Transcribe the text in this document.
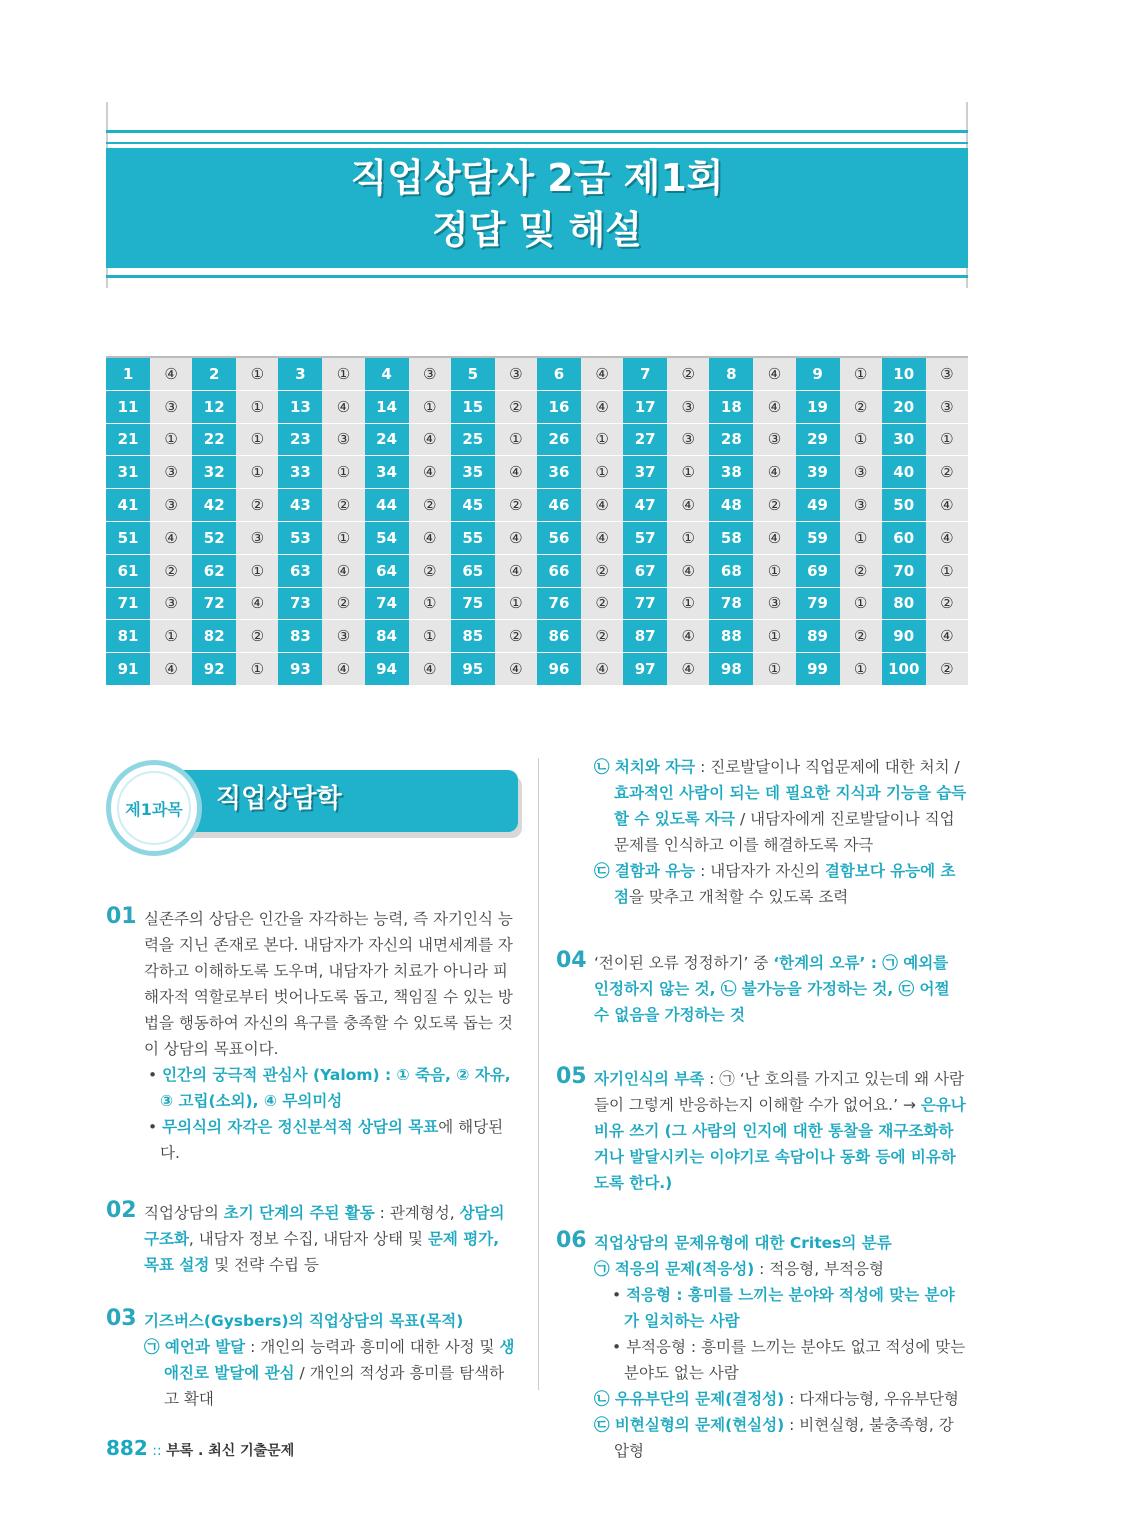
직업상담사 2급 제1회
정답 및 해설
1	④	2	①	3	①	4	③	5	③	6	④	7	②	8	④	9	①	10	③
11	③	12	①	13	④	14	①	15	②	16	④	17	③	18	④	19	②	20	③
21	①	22	①	23	③	24	④	25	①	26	①	27	③	28	③	29	①	30	①
31	③	32	①	33	①	34	④	35	④	36	①	37	①	38	④	39	③	40	②
41	③	42	②	43	②	44	②	45	②	46	④	47	④	48	②	49	③	50	④
51	④	52	③	53	①	54	④	55	④	56	④	57	①	58	④	59	①	60	④
61	②	62	①	63	④	64	②	65	④	66	②	67	④	68	①	69	②	70	①
71	③	72	④	73	②	74	①	75	①	76	②	77	①	78	③	79	①	80	②
81	①	82	②	83	③	84	①	85	②	86	②	87	④	88	①	89	②	90	④
91	④	92	①	93	④	94	④	95	④	96	④	97	④	98	①	99	①	100	②
제1과목	직업상담학
01 실존주의 상담은 인간을 자각하는 능력, 즉 자기인식 능력을 지닌 존재로 본다. 내담자가 자신의 내면세계를 자각하고 이해하도록 도우며, 내담자가 치료가 아니라 피해자적 역할로부터 벗어나도록 돕고, 책임질 수 있는 방법을 행동하여 자신의 욕구를 충족할 수 있도록 돕는 것이 상담의 목표이다.
• 인간의 궁극적 관심사 (Yalom) : ① 죽음, ② 자유, ③ 고립(소외), ④ 무의미성
• 무의식의 자각은 정신분석적 상담의 목표에 해당된다.
02 직업상담의 초기 단계의 주된 활동 : 관계형성, 상담의 구조화, 내담자 정보 수집, 내담자 상태 및 문제 평가, 목표 설정 및 전략 수립 등
03 기즈버스(Gysbers)의 직업상담의 목표(목적)
㉠ 예언과 발달 : 개인의 능력과 흥미에 대한 사정 및 생애진로 발달에 관심 / 개인의 적성과 흥미를 탐색하고 확대
㉡ 처치와 자극 : 진로발달이나 직업문제에 대한 처치 / 효과적인 사람이 되는 데 필요한 지식과 기능을 습득할 수 있도록 자극 / 내담자에게 진로발달이나 직업문제를 인식하고 이를 해결하도록 자극
㉢ 결함과 유능 : 내담자가 자신의 결함보다 유능에 초점을 맞추고 개척할 수 있도록 조력
04 ‘전이된 오류 정정하기’ 중 ‘한계의 오류’ : ㉠ 예외를 인정하지 않는 것, ㉡ 불가능을 가정하는 것, ㉢ 어쩔 수 없음을 가정하는 것
05 자기인식의 부족 : ㉠ ‘난 호의를 가지고 있는데 왜 사람들이 그렇게 반응하는지 이해할 수가 없어요.’ → 은유나 비유 쓰기 (그 사람의 인지에 대한 통찰을 재구조화하거나 발달시키는 이야기로 속담이나 동화 등에 비유하도록 한다.)
06 직업상담의 문제유형에 대한 Crites의 분류
㉠ 적응의 문제(적응성) : 적응형, 부적응형
• 적응형 : 흥미를 느끼는 분야와 적성에 맞는 분야가 일치하는 사람
• 부적응형 : 흥미를 느끼는 분야도 없고 적성에 맞는 분야도 없는 사람
㉡ 우유부단의 문제(결정성) : 다재다능형, 우유부단형
㉢ 비현실형의 문제(현실성) : 비현실형, 불충족형, 강압형
882 :: 부록 . 최신 기출문제
